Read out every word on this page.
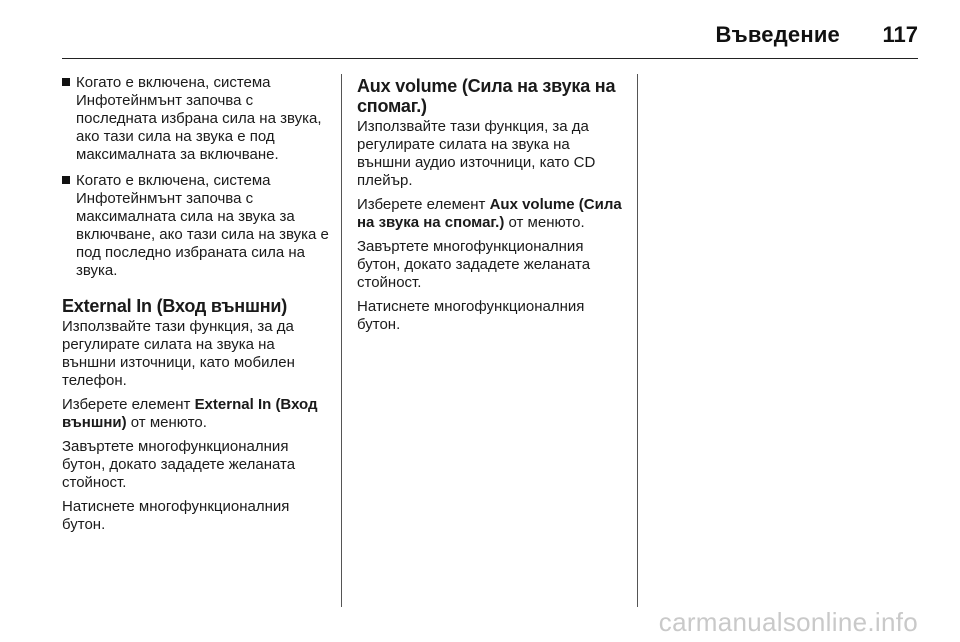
Въведение 117
Когато е включена, система Инфотейнмънт започва с последната избрана сила на звука, ако тази сила на звука е под максималната за включване.
Когато е включена, система Инфотейнмънт започва с максималната сила на звука за включване, ако тази сила на звука е под последно избраната сила на звука.
External In (Вход външни)

Използвайте тази функция, за да регулирате силата на звука на външни източници, като мобилен телефон.

Изберете елемент External In (Вход външни) от менюто.

Завъртете многофункционалния бутон, докато зададете желаната стойност.

Натиснете многофункционалния бутон.

Aux volume (Сила на звука на спомаг.)

Използвайте тази функция, за да регулирате силата на звука на външни аудио източници, като CD плейър.

Изберете елемент Aux volume (Сила на звука на спомаг.) от менюто.

Завъртете многофункционалния бутон, докато зададете желаната стойност.

Натиснете многофункционалния бутон.

carmanualsonline.info
